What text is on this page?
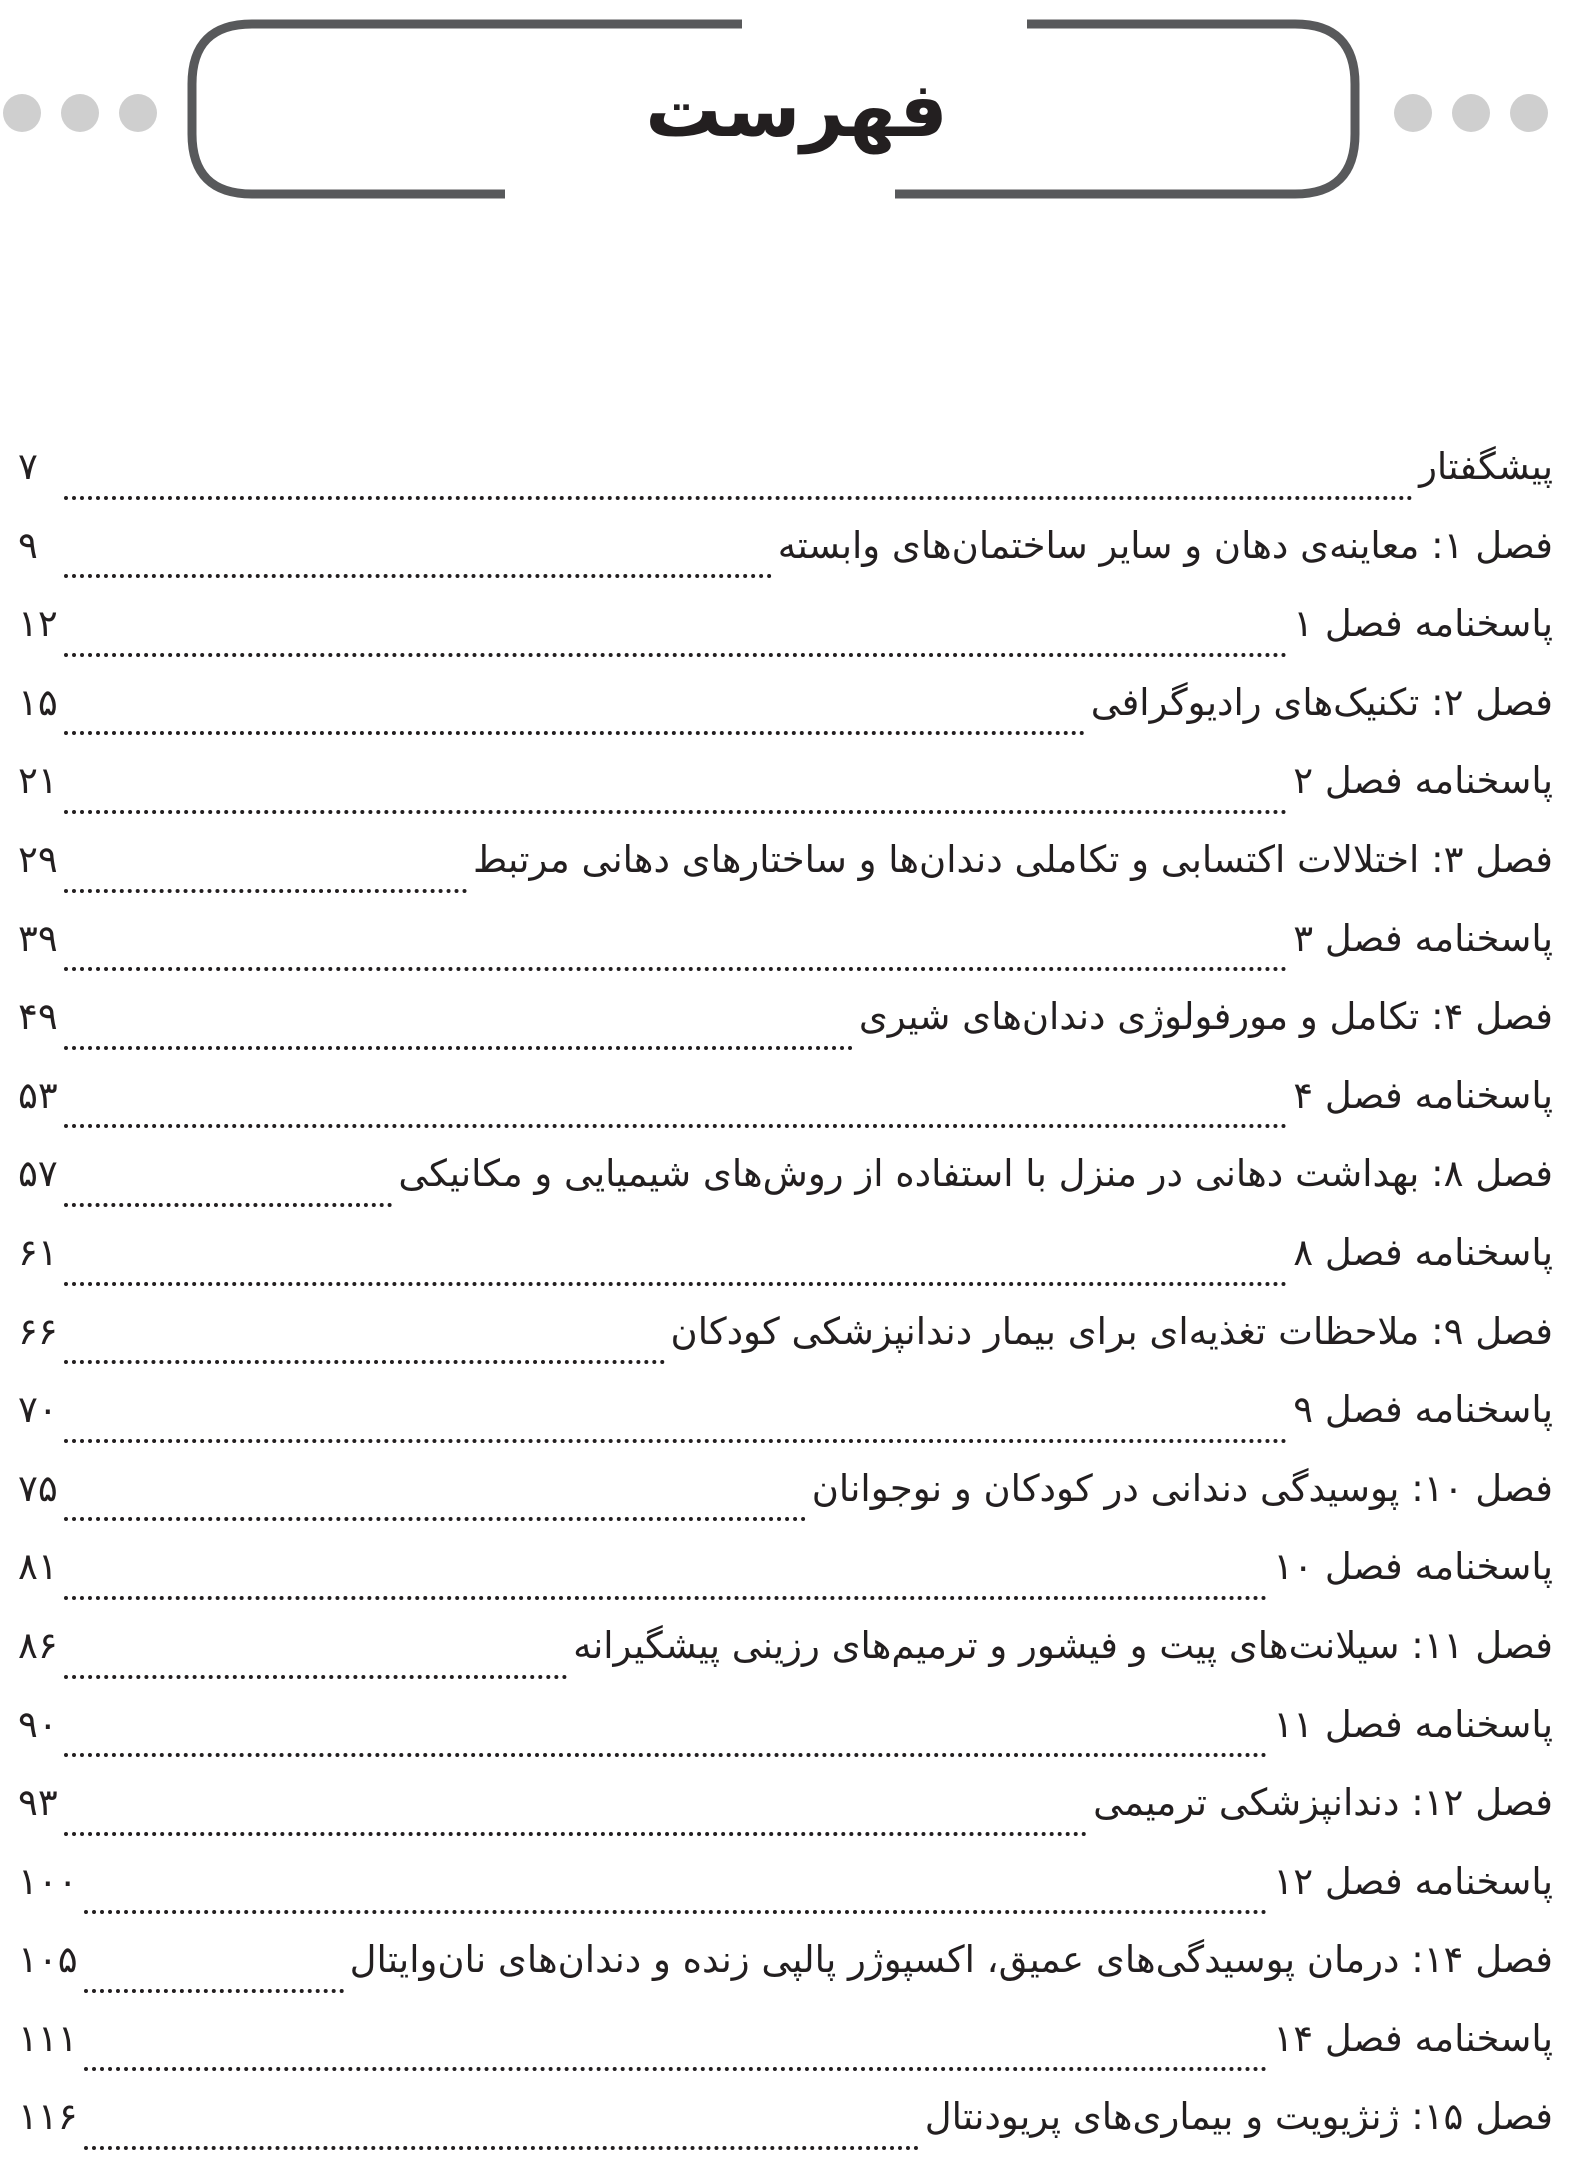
فهرست
پیشگفتار
۷
فصل ۱: معاینه‌ی دهان و سایر ساختمان‌های وابسته
۹
پاسخنامه فصل ۱
۱۲
فصل ۲: تکنیک‌های رادیوگرافی
۱۵
پاسخنامه فصل ۲
۲۱
فصل ۳: اختلالات اکتسابی و تکاملی دندان‌ها و ساختارهای دهانی مرتبط
۲۹
پاسخنامه فصل ۳
۳۹
فصل ۴: تکامل و مورفولوژی دندان‌های شیری
۴۹
پاسخنامه فصل ۴
۵۳
فصل ۸: بهداشت دهانی در منزل با استفاده از روش‌های شیمیایی و مکانیکی
۵۷
پاسخنامه فصل ۸
۶۱
فصل ۹: ملاحظات تغذیه‌ای برای بیمار دندانپزشکی کودکان
۶۶
پاسخنامه فصل ۹
۷۰
فصل ۱۰: پوسیدگی دندانی در کودکان و نوجوانان
۷۵
پاسخنامه فصل ۱۰
۸۱
فصل ۱۱: سیلانت‌های پیت و فیشور و ترمیم‌های رزینی پیشگیرانه
۸۶
پاسخنامه فصل ۱۱
۹۰
فصل ۱۲: دندانپزشکی ترمیمی
۹۳
پاسخنامه فصل ۱۲
۱۰۰
فصل ۱۴: درمان پوسیدگی‌های عمیق، اکسپوژر پالپی زنده و دندان‌های نان‌وایتال
۱۰۵
پاسخنامه فصل ۱۴
۱۱۱
فصل ۱۵: ژنژیویت و بیماری‌های پریودنتال
۱۱۶
